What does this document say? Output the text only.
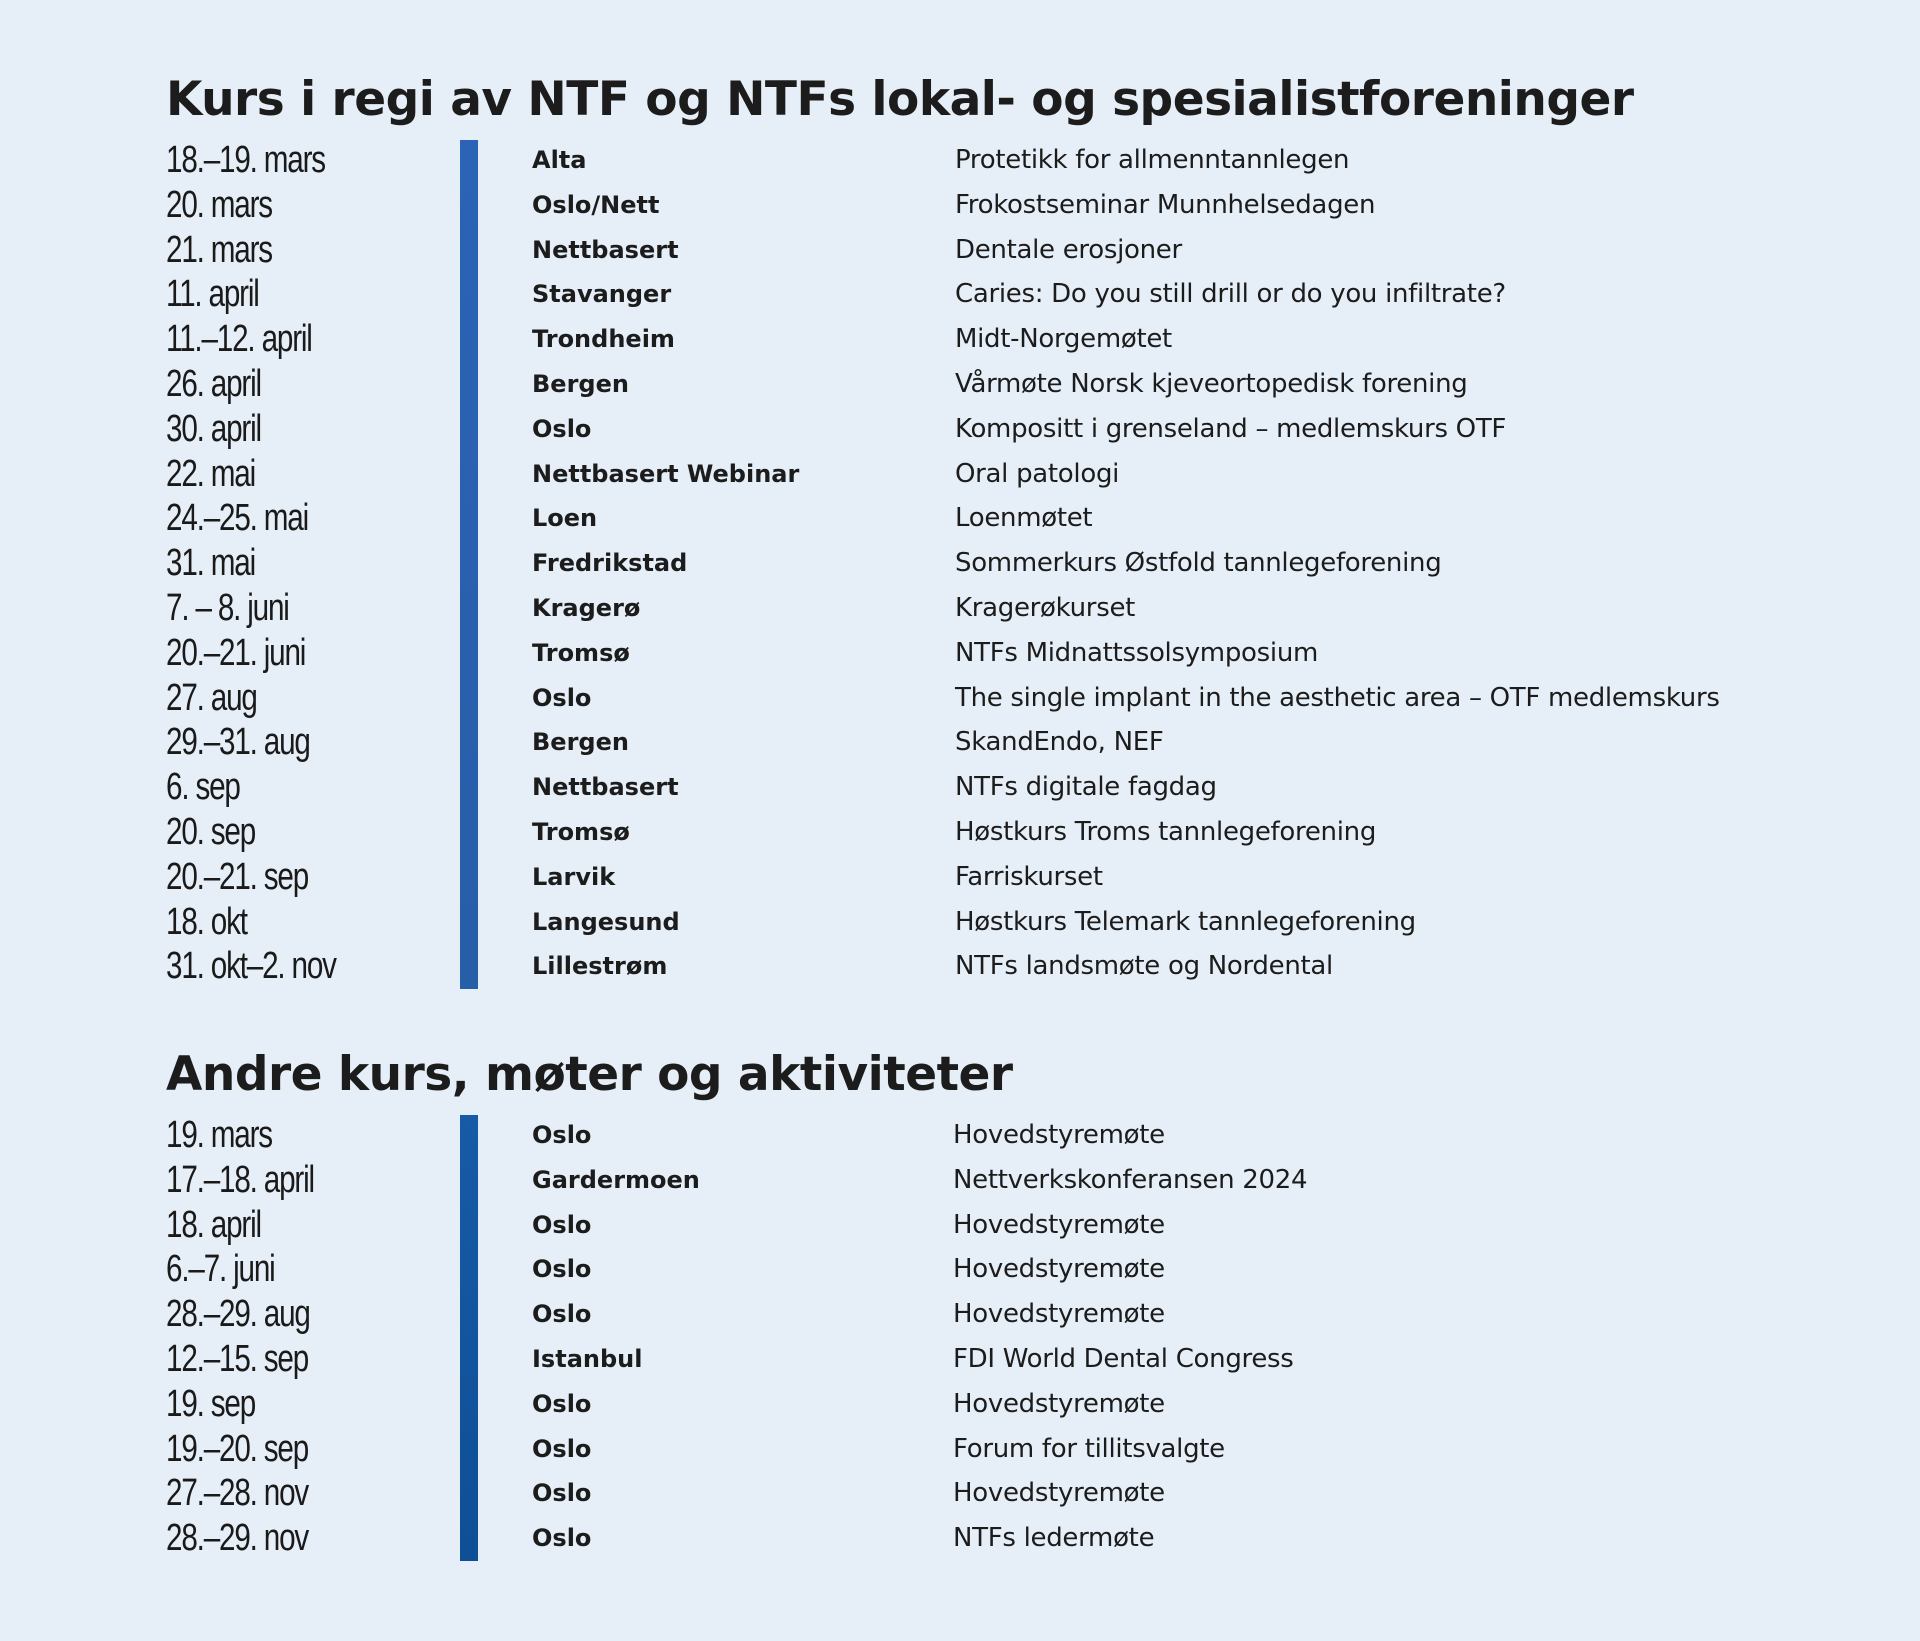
Kurs i regi av NTF og NTFs lokal- og spesialistforeninger
18.–19. mars	Alta	Protetikk for allmenntannlegen
20. mars	Oslo/Nett	Frokostseminar Munnhelsedagen
21. mars	Nettbasert	Dentale erosjoner
11. april	Stavanger	Caries: Do you still drill or do you infiltrate?
11.–12. april	Trondheim	Midt-Norgemøtet
26. april	Bergen	Vårmøte Norsk kjeveortopedisk forening
30. april	Oslo	Kompositt i grenseland – medlemskurs OTF
22. mai	Nettbasert Webinar	Oral patologi
24.–25. mai	Loen	Loenmøtet
31. mai	Fredrikstad	Sommerkurs Østfold tannlegeforening
7. – 8. juni	Kragerø	Kragerøkurset
20.–21. juni	Tromsø	NTFs Midnattssolsymposium
27. aug	Oslo	The single implant in the aesthetic area – OTF medlemskurs
29.–31. aug	Bergen	SkandEndo, NEF
6. sep	Nettbasert	NTFs digitale fagdag
20. sep	Tromsø	Høstkurs Troms tannlegeforening
20.–21. sep	Larvik	Farriskurset
18. okt	Langesund	Høstkurs Telemark tannlegeforening
31. okt–2. nov	Lillestrøm	NTFs landsmøte og Nordental
Andre kurs, møter og aktiviteter
19. mars	Oslo	Hovedstyremøte
17.–18. april	Gardermoen	Nettverkskonferansen 2024
18. april	Oslo	Hovedstyremøte
6.–7. juni	Oslo	Hovedstyremøte
28.–29. aug	Oslo	Hovedstyremøte
12.–15. sep	Istanbul	FDI World Dental Congress
19. sep	Oslo	Hovedstyremøte
19.–20. sep	Oslo	Forum for tillitsvalgte
27.–28. nov	Oslo	Hovedstyremøte
28.–29. nov	Oslo	NTFs ledermøte
